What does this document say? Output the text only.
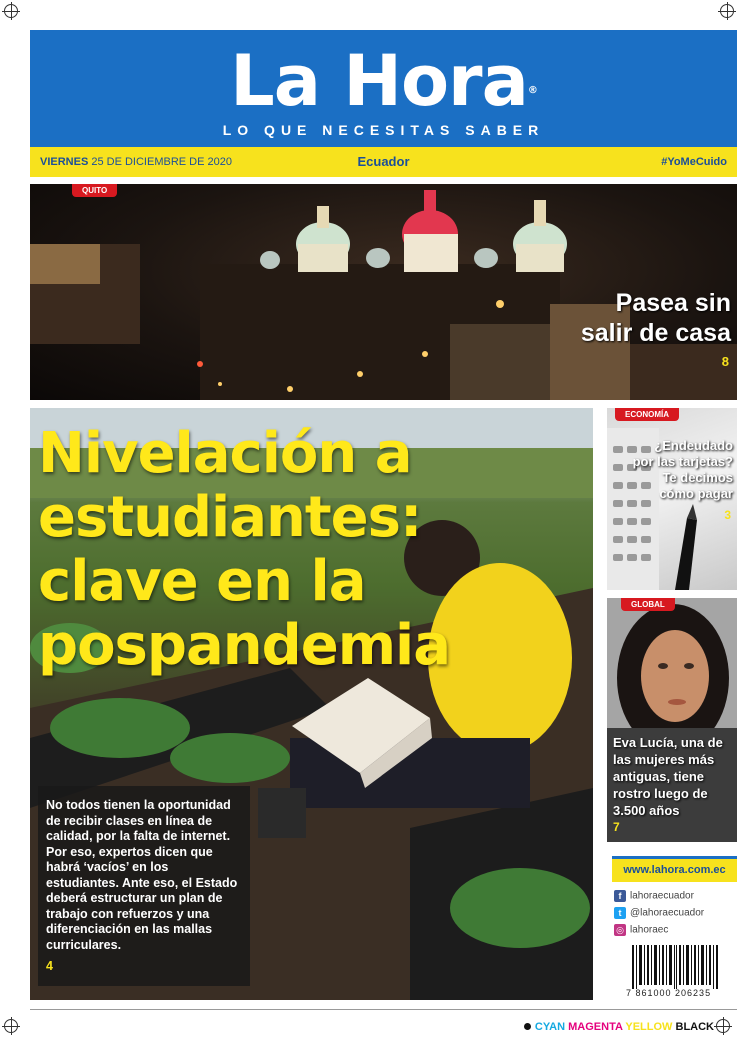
La Hora®
LO QUE NECESITAS SABER
VIERNES 25 DE DICIEMBRE DE 2020	Ecuador	#YoMeCuido
QUITO
Pasea sin
salir de casa
8
Nivelación a
estudiantes:
clave en la
pospandemia
No todos tienen la oportunidad de recibir clases en línea de calidad, por la falta de internet. Por eso, expertos dicen que habrá ‘vacíos’ en los estudiantes. Ante eso, el Estado deberá estructurar un plan de trabajo con refuerzos y una diferenciación en las mallas curriculares.
4
ECONOMÍA
¿Endeudado
por las tarjetas?
Te decimos
cómo pagar
3
GLOBAL
Eva Lucía, una de las mujeres más antiguas, tiene rostro luego de 3.500 años
7
www.lahora.com.ec
f lahoraecuador
t @lahoraecuador
◎ lahoraec
7 861000 206235
CYAN MAGENTA YELLOW BLACK
